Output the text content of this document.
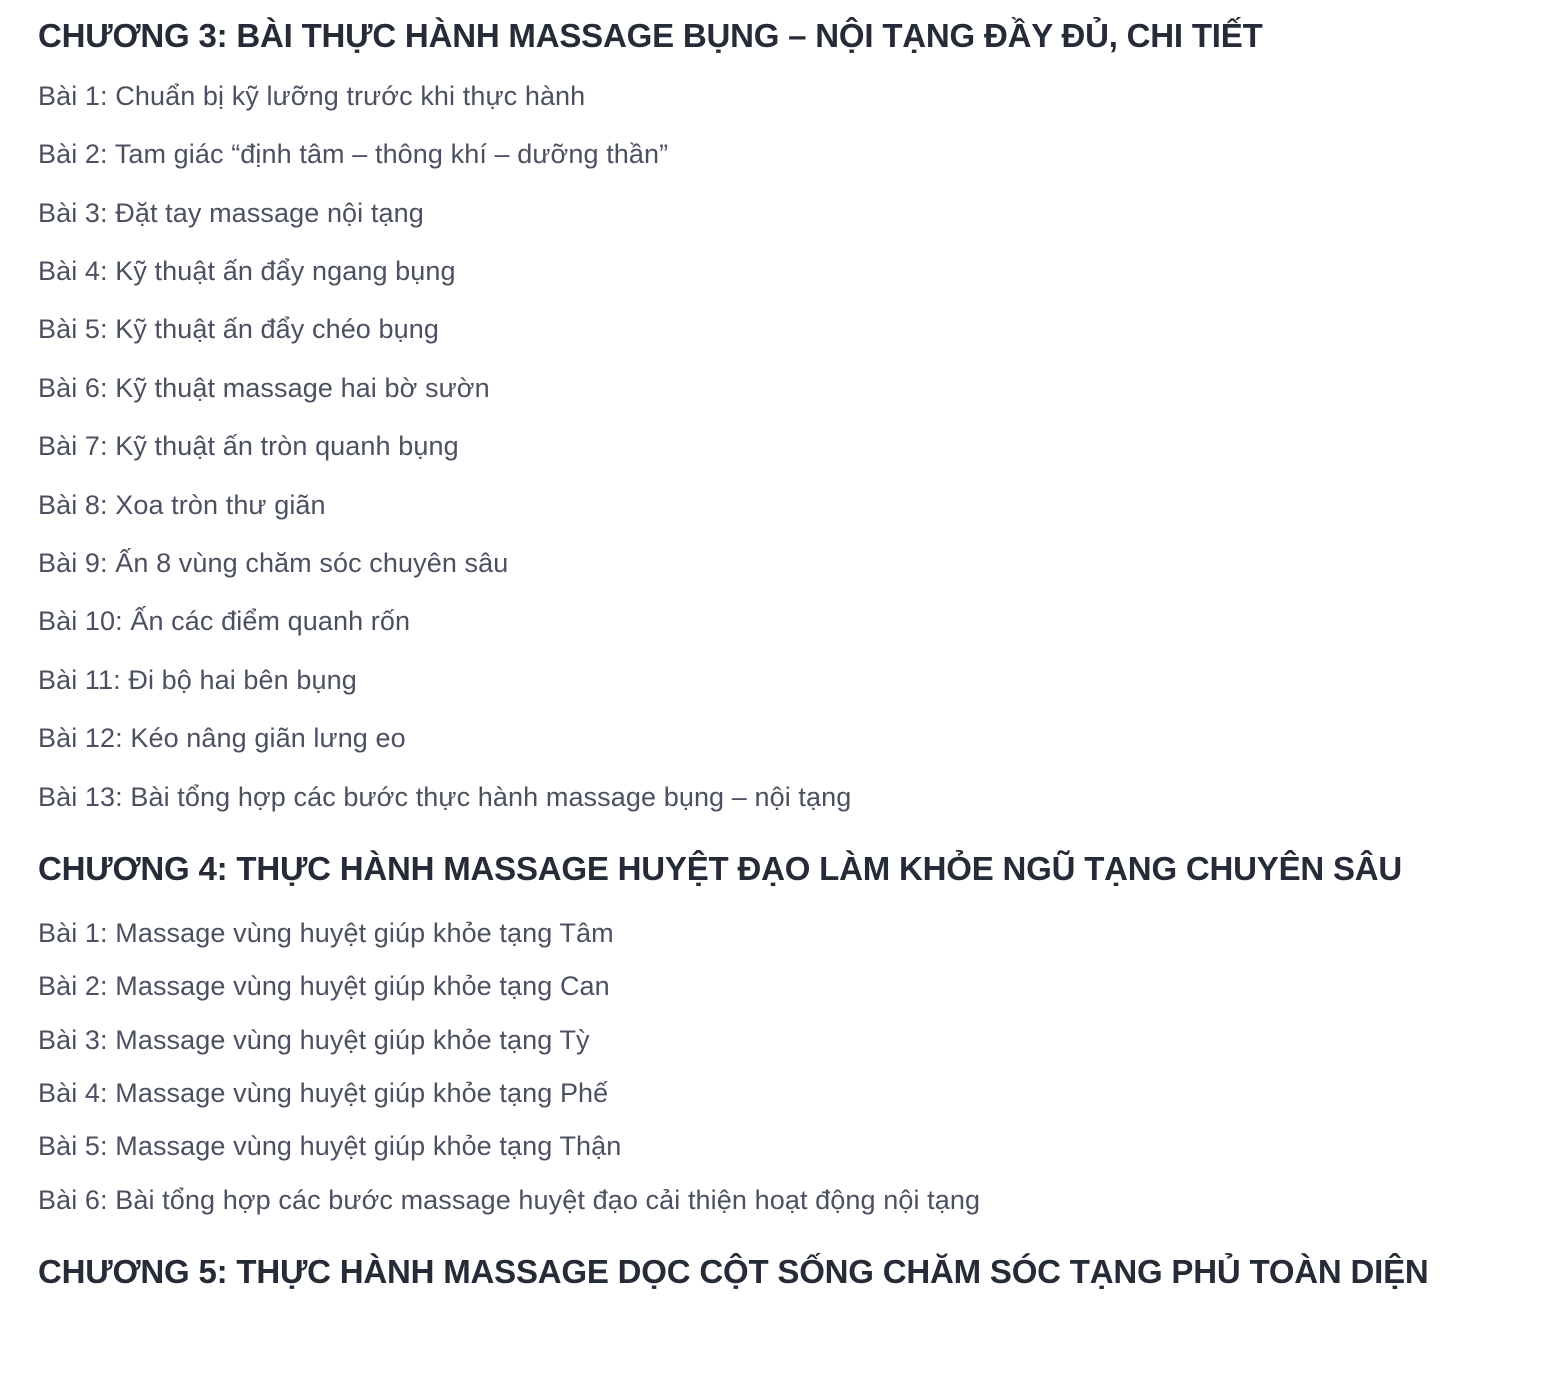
CHƯƠNG 3: BÀI THỰC HÀNH MASSAGE BỤNG – NỘI TẠNG ĐẦY ĐỦ, CHI TIẾT
Bài 1: Chuẩn bị kỹ lưỡng trước khi thực hành
Bài 2: Tam giác “định tâm – thông khí – dưỡng thần”
Bài 3: Đặt tay massage nội tạng
Bài 4: Kỹ thuật ấn đẩy ngang bụng
Bài 5: Kỹ thuật ấn đẩy chéo bụng
Bài 6: Kỹ thuật massage hai bờ sườn
Bài 7: Kỹ thuật ấn tròn quanh bụng
Bài 8: Xoa tròn thư giãn
Bài 9: Ấn 8 vùng chăm sóc chuyên sâu
Bài 10: Ấn các điểm quanh rốn
Bài 11: Đi bộ hai bên bụng
Bài 12: Kéo nâng giãn lưng eo
Bài 13: Bài tổng hợp các bước thực hành massage bụng – nội tạng
CHƯƠNG 4: THỰC HÀNH MASSAGE HUYỆT ĐẠO LÀM KHỎE NGŨ TẠNG CHUYÊN SÂU
Bài 1: Massage vùng huyệt giúp khỏe tạng Tâm
Bài 2: Massage vùng huyệt giúp khỏe tạng Can
Bài 3: Massage vùng huyệt giúp khỏe tạng Tỳ
Bài 4: Massage vùng huyệt giúp khỏe tạng Phế
Bài 5: Massage vùng huyệt giúp khỏe tạng Thận
Bài 6: Bài tổng hợp các bước massage huyệt đạo cải thiện hoạt động nội tạng
CHƯƠNG 5: THỰC HÀNH MASSAGE DỌC CỘT SỐNG CHĂM SÓC TẠNG PHỦ TOÀN DIỆN
